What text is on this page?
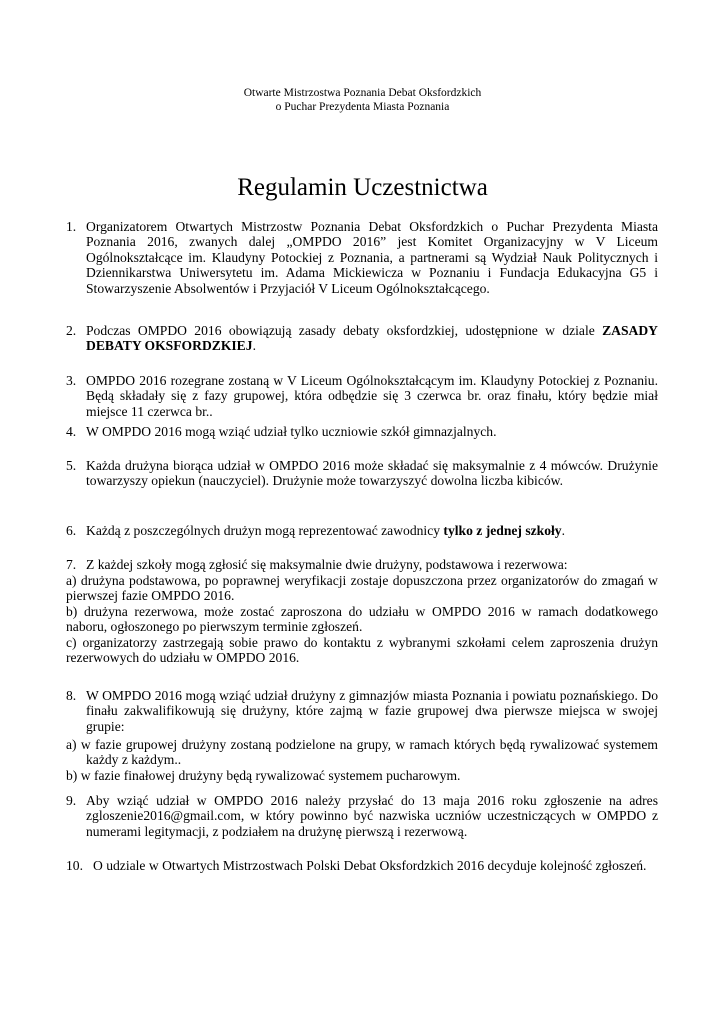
Otwarte Mistrzostwa Poznania Debat Oksfordzkich
o Puchar Prezydenta Miasta Poznania
Regulamin Uczestnictwa
1. Organizatorem Otwartych Mistrzostw Poznania Debat Oksfordzkich o Puchar Prezydenta Miasta Poznania 2016, zwanych dalej „OMPDO 2016” jest Komitet Organizacyjny w V Liceum Ogólnokształcące im. Klaudyny Potockiej z Poznania, a partnerami są Wydział Nauk Politycznych i Dziennikarstwa Uniwersytetu im. Adama Mickiewicza w Poznaniu i Fundacja Edukacyjna G5 i Stowarzyszenie Absolwentów i Przyjaciół V Liceum Ogólnokształcącego.
2. Podczas OMPDO 2016 obowiązują zasady debaty oksfordzkiej, udostępnione w dziale ZASADY DEBATY OKSFORDZKIEJ.
3. OMPDO 2016 rozegrane zostaną w V Liceum Ogólnokształcącym im. Klaudyny Potockiej z Poznaniu. Będą składały się z fazy grupowej, która odbędzie się 3 czerwca br. oraz finału, który będzie miał miejsce 11 czerwca br..
4. W OMPDO 2016 mogą wziąć udział tylko uczniowie szkół gimnazjalnych.
5. Każda drużyna biorąca udział w OMPDO 2016 może składać się maksymalnie z 4 mówców. Drużynie towarzyszy opiekun (nauczyciel). Drużynie może towarzyszyć dowolna liczba kibiców.
6. Każdą z poszczególnych drużyn mogą reprezentować zawodnicy tylko z jednej szkoły.
7. Z każdej szkoły mogą zgłosić się maksymalnie dwie drużyny, podstawowa i rezerwowa:
a) drużyna podstawowa, po poprawnej weryfikacji zostaje dopuszczona przez organizatorów do zmagań w pierwszej fazie OMPDO 2016.
b) drużyna rezerwowa, może zostać zaproszona do udziału w OMPDO 2016 w ramach dodatkowego naboru, ogłoszonego po pierwszym terminie zgłoszeń.
c) organizatorzy zastrzegają sobie prawo do kontaktu z wybranymi szkołami celem zaproszenia drużyn rezerwowych do udziału w OMPDO 2016.
8. W OMPDO 2016 mogą wziąć udział drużyny z gimnazjów miasta Poznania i powiatu poznańskiego. Do finału zakwalifikowują się drużyny, które zajmą w fazie grupowej dwa pierwsze miejsca w swojej grupie:
a) w fazie grupowej drużyny zostaną podzielone na grupy, w ramach których będą rywalizować systemem każdy z każdym..
b) w fazie finałowej drużyny będą rywalizować systemem pucharowym.
9. Aby wziąć udział w OMPDO 2016 należy przysłać do 13 maja 2016 roku zgłoszenie na adres zgloszenie2016@gmail.com, w który powinno być nazwiska uczniów uczestniczących w OMPDO z numerami legitymacji, z podziałem na drużynę pierwszą i rezerwową.
10. O udziale w Otwartych Mistrzostwach Polski Debat Oksfordzkich 2016 decyduje kolejność zgłoszeń.
